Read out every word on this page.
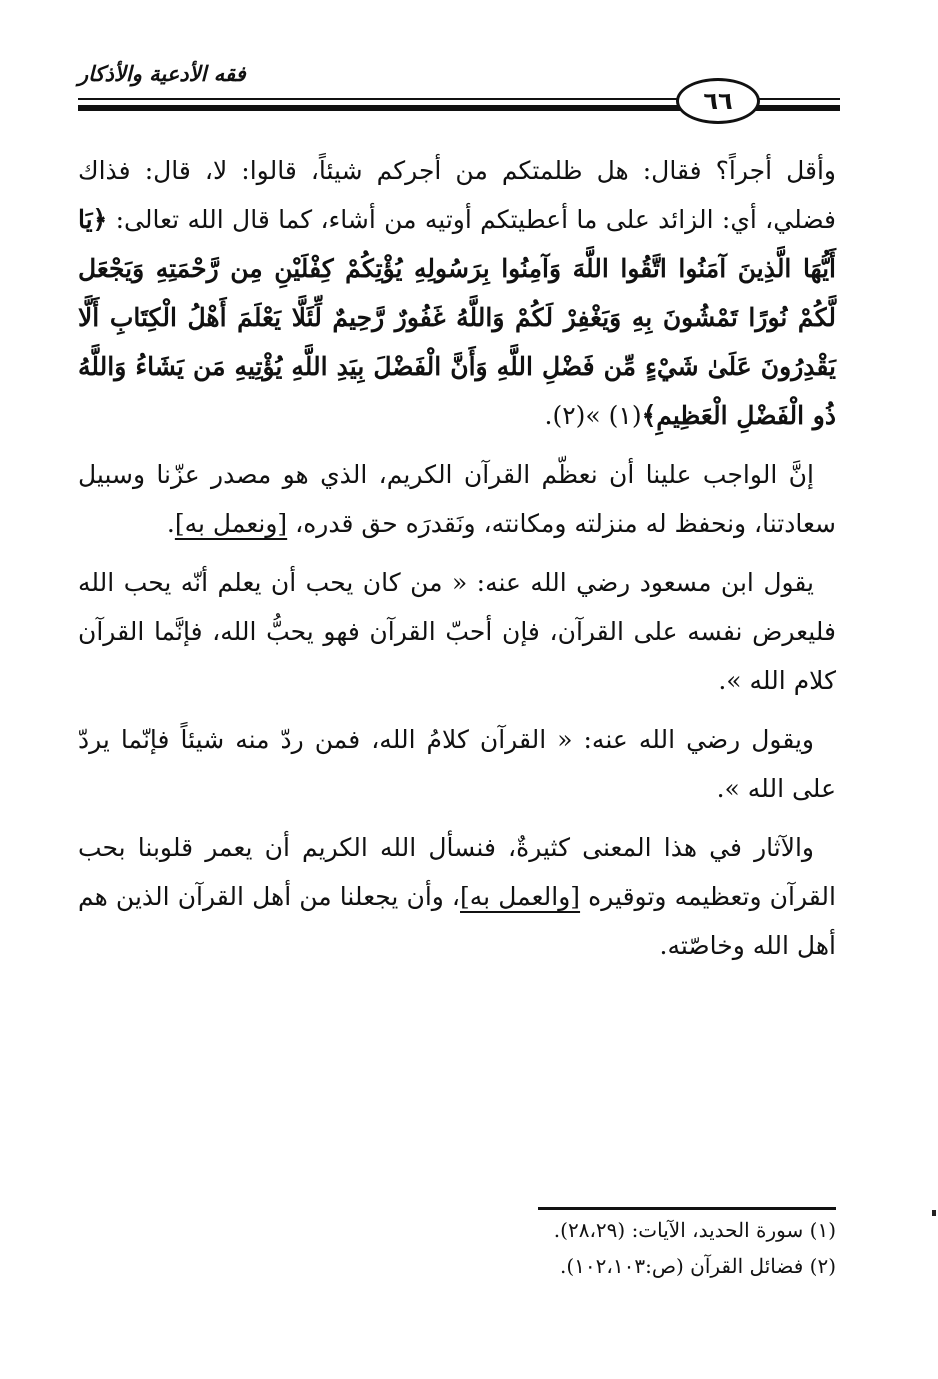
فقه الأدعية والأذكار
٦٦

وأقل أجراً؟ فقال: هل ظلمتكم من أجركم شيئاً، قالوا: لا، قال: فذاك فضلي، أي: الزائد على ما أعطيتكم أوتيه من أشاء، كما قال الله تعالى: ﴿يَا أَيُّهَا الَّذِينَ آمَنُوا اتَّقُوا اللَّهَ وَآمِنُوا بِرَسُولِهِ يُؤْتِكُمْ كِفْلَيْنِ مِن رَّحْمَتِهِ وَيَجْعَل لَّكُمْ نُورًا تَمْشُونَ بِهِ وَيَغْفِرْ لَكُمْ وَاللَّهُ غَفُورٌ رَّحِيمٌ لِّئَلَّا يَعْلَمَ أَهْلُ الْكِتَابِ أَلَّا يَقْدِرُونَ عَلَىٰ شَيْءٍ مِّن فَضْلِ اللَّهِ وَأَنَّ الْفَضْلَ بِيَدِ اللَّهِ يُؤْتِيهِ مَن يَشَاءُ وَاللَّهُ ذُو الْفَضْلِ الْعَظِيمِ﴾(١) »(٢).

إنَّ الواجب علينا أن نعظّم القرآن الكريم، الذي هو مصدر عزّنا وسبيل سعادتنا، ونحفظ له منزلته ومكانته، ونَقدرَه حق قدره، [ونعمل به].

يقول ابن مسعود رضي الله عنه: « من كان يحب أن يعلم أنّه يحب الله فليعرض نفسه على القرآن، فإن أحبّ القرآن فهو يحبُّ الله، فإنَّما القرآن كلام الله ».

ويقول رضي الله عنه: « القرآن كلامُ الله، فمن ردّ منه شيئاً فإنّما يردّ على الله ».

والآثار في هذا المعنى كثيرةٌ، فنسأل الله الكريم أن يعمر قلوبنا بحب القرآن وتعظيمه وتوقيره [والعمل به]، وأن يجعلنا من أهل القرآن الذين هم أهل الله وخاصّته.

(١) سورة الحديد، الآيات: (٢٨،٢٩).

(٢) فضائل القرآن (ص:١٠٢،١٠٣).
